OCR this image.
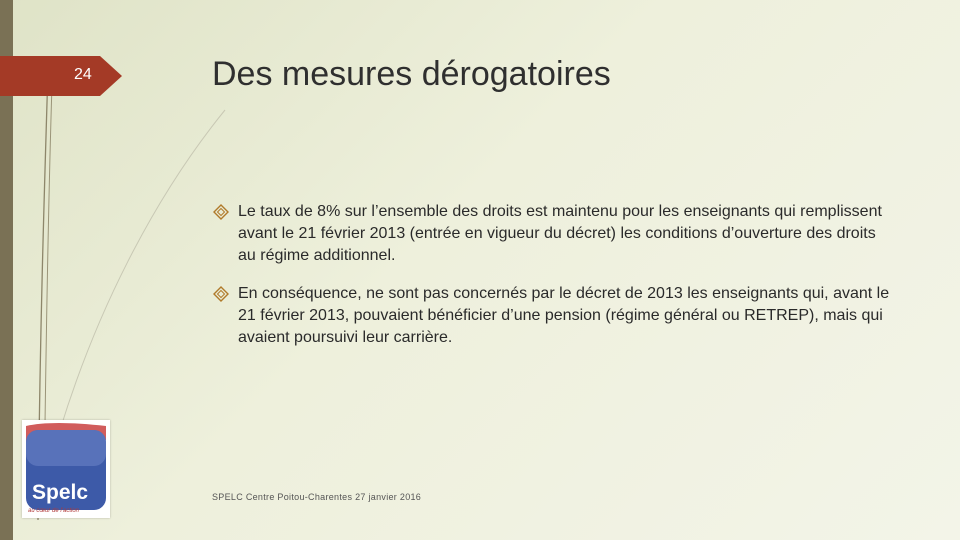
24	Des mesures dérogatoires
Le taux de 8% sur l’ensemble des droits est maintenu pour les enseignants qui remplissent avant le 21 février 2013 (entrée en vigueur du décret) les conditions d’ouverture des droits au régime additionnel.
En conséquence, ne sont pas concernés par le décret de 2013 les enseignants qui, avant le 21 février 2013, pouvaient bénéficier d’une pension (régime général ou RETREP), mais qui avaient poursuivi leur carrière.
SPELC Centre Poitou-Charentes 27 janvier 2016
Spelc
au cœur de l’action
